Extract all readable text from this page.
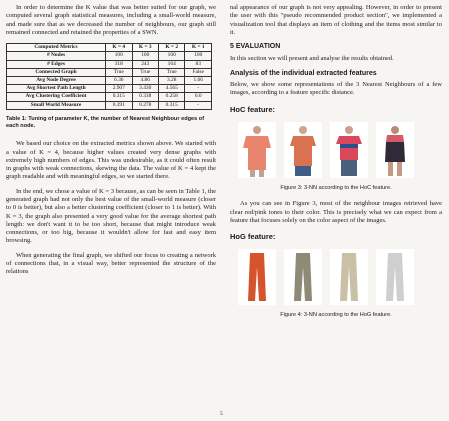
In order to determine the K value that was better suited for our graph, we computed several graph statistical measures, including a small-world measure, and made sure that as we decreased the number of neighbours, our graph still remained connected and retained the properties of a SWN.

Computed Metrics	K = 4	K = 3	K = 2	K = 1
# Nodes	100	100	100	100
# Edges	318	243	164	83
Connected Graph	True	True	True	False
Avg Node Degree	6.36	4.86	3.28	1.66
Avg Shortest Path Length	2.907	3.430	4.565	-
Avg Clustering Coefficient	0.315	0.338	0.258	0.0
Small World Measure	0.391	0.278	0.315	-
Table 1: Tuning of parameter K, the number of Nearest Neighbour edges of each node.

We based our choice on the extracted metrics shown above. We started with a value of K = 4, because higher values created very dense graphs with extremely high numbers of edges. This was undesirable, as it could often result in graphs with weak connections, skewing the data. The value of K = 4 kept the graph readable and with meaningful edges, so we started there.

In the end, we chose a value of K = 3 because, as can be seen in Table 1, the generated graph had not only the best value of the small-world measure (closer to 0 is better), but also a better clustering coefficient (closer to 1 is better). With K = 3, the graph also presented a very good value for the average shortest path length: we don't want it to be too short, because that might introduce weak connections, or too big, because it wouldn't allow for fast and easy item browsing.

When generating the final graph, we shifted our focus to creating a network of connections that, in a visual way, better represented the structure of the relations

nal appearance of our graph is not very appealing. However, in order to present the user with this "pseudo recommended product section", we implemented a visualization tool that displays an item of clothing and the items most similar to it.

5 EVALUATION

In this section we will present and analyse the results obtained.

Analysis of the individual extracted features

Below, we show some representations of the 3 Nearest Neighbours of a few images, according to a feature specific distance.

HoC feature:
Figure 3: 3-NN according to the HoC feature.

As you can see in Figure 3, most of the neighbour images retrieved have clear red/pink tones to their color. This is precisely what we can expect from a feature that focuses solely on the color aspect of the images.

HoG feature:
Figure 4: 3-NN according to the HoG feature.
5
